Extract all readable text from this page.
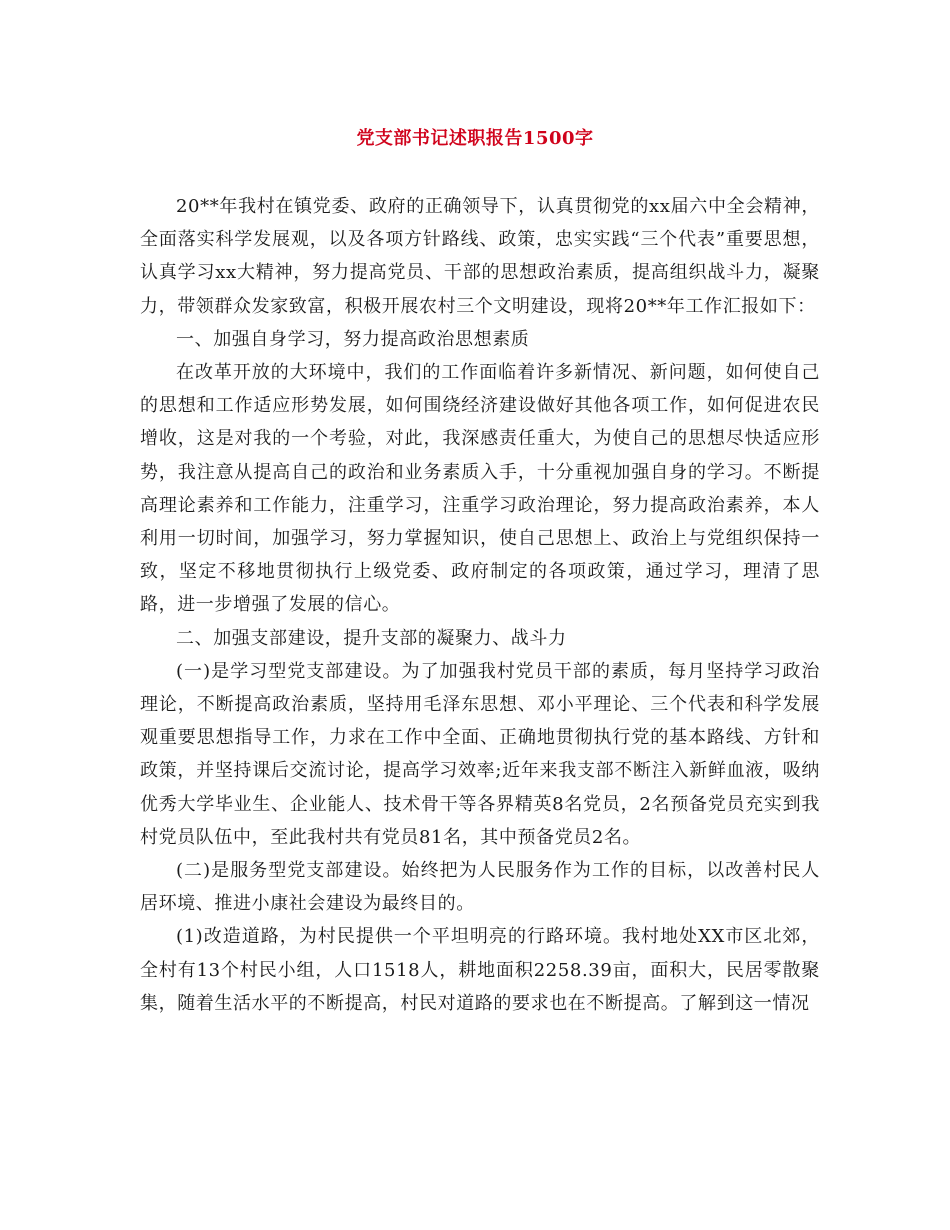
党支部书记述职报告1500字

20**年我村在镇党委、政府的正确领导下，认真贯彻党的xx届六中全会精神，全面落实科学发展观，以及各项方针路线、政策，忠实实践“三个代表”重要思想，认真学习xx大精神，努力提高党员、干部的思想政治素质，提高组织战斗力，凝聚力，带领群众发家致富，积极开展农村三个文明建设，现将20**年工作汇报如下：

一、加强自身学习，努力提高政治思想素质

在改革开放的大环境中，我们的工作面临着许多新情况、新问题，如何使自己的思想和工作适应形势发展，如何围绕经济建设做好其他各项工作，如何促进农民增收，这是对我的一个考验，对此，我深感责任重大，为使自己的思想尽快适应形势，我注意从提高自己的政治和业务素质入手，十分重视加强自身的学习。不断提高理论素养和工作能力，注重学习，注重学习政治理论，努力提高政治素养，本人利用一切时间，加强学习，努力掌握知识，使自己思想上、政治上与党组织保持一致，坚定不移地贯彻执行上级党委、政府制定的各项政策，通过学习，理清了思路，进一步增强了发展的信心。

二、加强支部建设，提升支部的凝聚力、战斗力

(一)是学习型党支部建设。为了加强我村党员干部的素质，每月坚持学习政治理论，不断提高政治素质，坚持用毛泽东思想、邓小平理论、三个代表和科学发展观重要思想指导工作，力求在工作中全面、正确地贯彻执行党的基本路线、方针和政策，并坚持课后交流讨论，提高学习效率;近年来我支部不断注入新鲜血液，吸纳优秀大学毕业生、企业能人、技术骨干等各界精英8名党员，2名预备党员充实到我村党员队伍中，至此我村共有党员81名，其中预备党员2名。

(二)是服务型党支部建设。始终把为人民服务作为工作的目标，以改善村民人居环境、推进小康社会建设为最终目的。

(1)改造道路，为村民提供一个平坦明亮的行路环境。我村地处XX市区北郊，全村有13个村民小组，人口1518人，耕地面积2258.39亩，面积大，民居零散聚集，随着生活水平的不断提高，村民对道路的要求也在不断提高。了解到这一情况
